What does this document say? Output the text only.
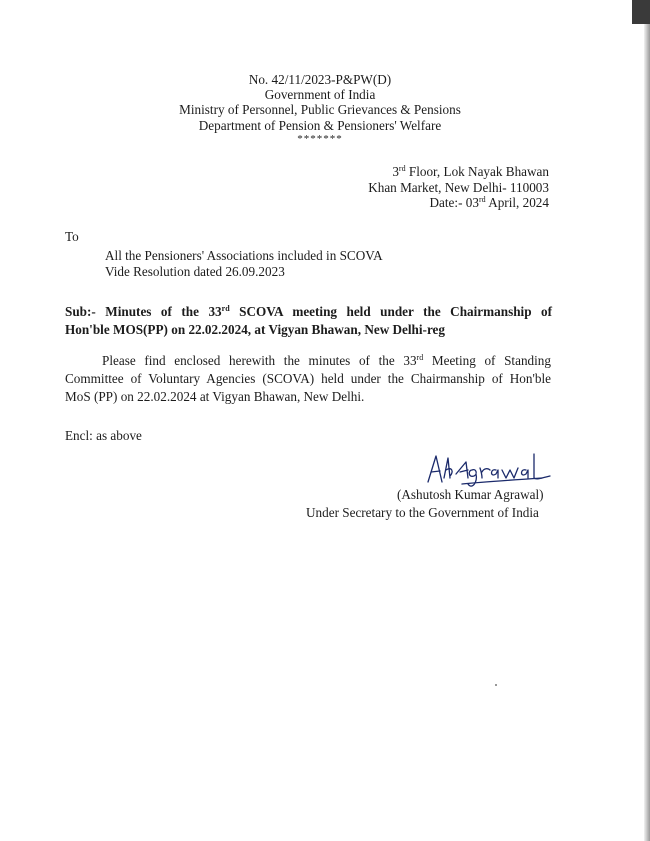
No. 42/11/2023-P&PW(D)
Government of India
Ministry of Personnel, Public Grievances & Pensions
Department of Pension & Pensioners' Welfare
*******
3rd Floor, Lok Nayak Bhawan
Khan Market, New Delhi- 110003
Date:- 03rd April, 2024
To
All the Pensioners' Associations included in SCOVA
Vide Resolution dated 26.09.2023
Sub:- Minutes of the 33rd SCOVA meeting held under the Chairmanship of
Hon'ble MOS(PP) on 22.02.2024, at Vigyan Bhawan, New Delhi-reg
Please find enclosed herewith the minutes of the 33rd Meeting of Standing
Committee of Voluntary Agencies (SCOVA) held under the Chairmanship of Hon'ble
MoS (PP) on 22.02.2024 at Vigyan Bhawan, New Delhi.
Encl: as above
(Ashutosh Kumar Agrawal)
Under Secretary to the Government of India
